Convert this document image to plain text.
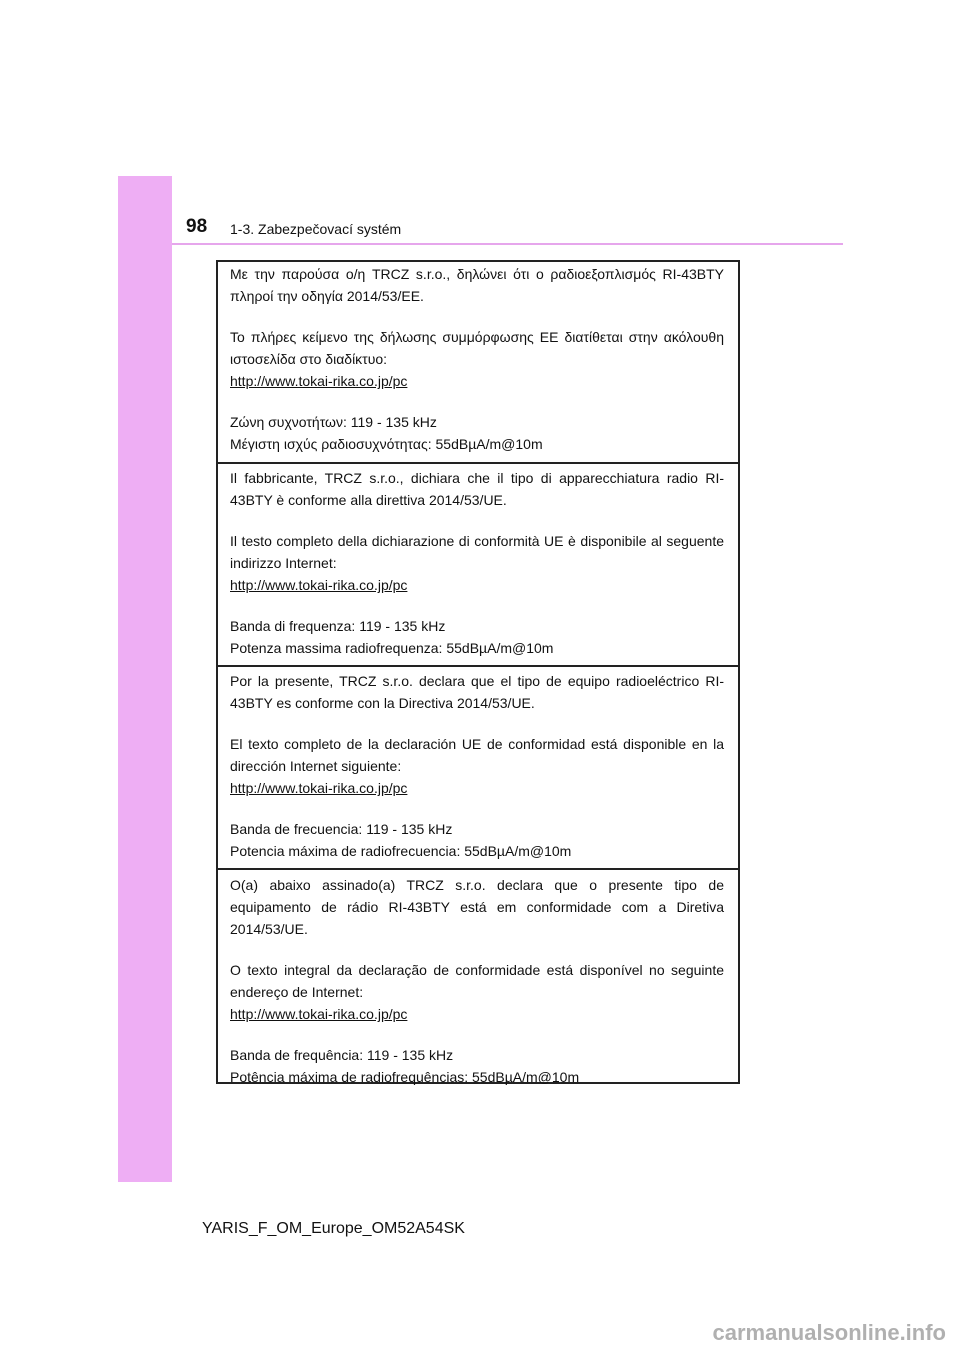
98 1-3. Zabezpečovací systém

Με την παρούσα ο/η TRCZ s.r.o., δηλώνει ότι ο ραδιοεξοπλισμός RI-43BTY πληροί την οδηγία 2014/53/ΕΕ.

Το πλήρες κείμενο της δήλωσης συμμόρφωσης ΕΕ διατίθεται στην ακόλουθη ιστοσελίδα στο διαδίκτυο:

http://www.tokai-rika.co.jp/pc

Ζώνη συχνοτήτων: 119 - 135 kHz

Μέγιστη ισχύς ραδιοσυχνότητας: 55dBµA/m@10m

Il fabbricante, TRCZ s.r.o., dichiara che il tipo di apparecchiatura radio RI-43BTY è conforme alla direttiva 2014/53/UE.

Il testo completo della dichiarazione di conformità UE è disponibile al seguente indirizzo Internet:

http://www.tokai-rika.co.jp/pc

Banda di frequenza: 119 - 135 kHz

Potenza massima radiofrequenza: 55dBµA/m@10m

Por la presente, TRCZ s.r.o. declara que el tipo de equipo radioeléctrico RI-43BTY es conforme con la Directiva 2014/53/UE.

El texto completo de la declaración UE de conformidad está disponible en la dirección Internet siguiente:

http://www.tokai-rika.co.jp/pc

Banda de frecuencia: 119 - 135 kHz

Potencia máxima de radiofrecuencia: 55dBµA/m@10m

O(a) abaixo assinado(a) TRCZ s.r.o. declara que o presente tipo de equipamento de rádio RI-43BTY está em conformidade com a Diretiva 2014/53/UE.

O texto integral da declaração de conformidade está disponível no seguinte endereço de Internet:

http://www.tokai-rika.co.jp/pc

Banda de frequência: 119 - 135 kHz

Potência máxima de radiofrequências: 55dBµA/m@10m

YARIS_F_OM_Europe_OM52A54SK
carmanualsonline.info
